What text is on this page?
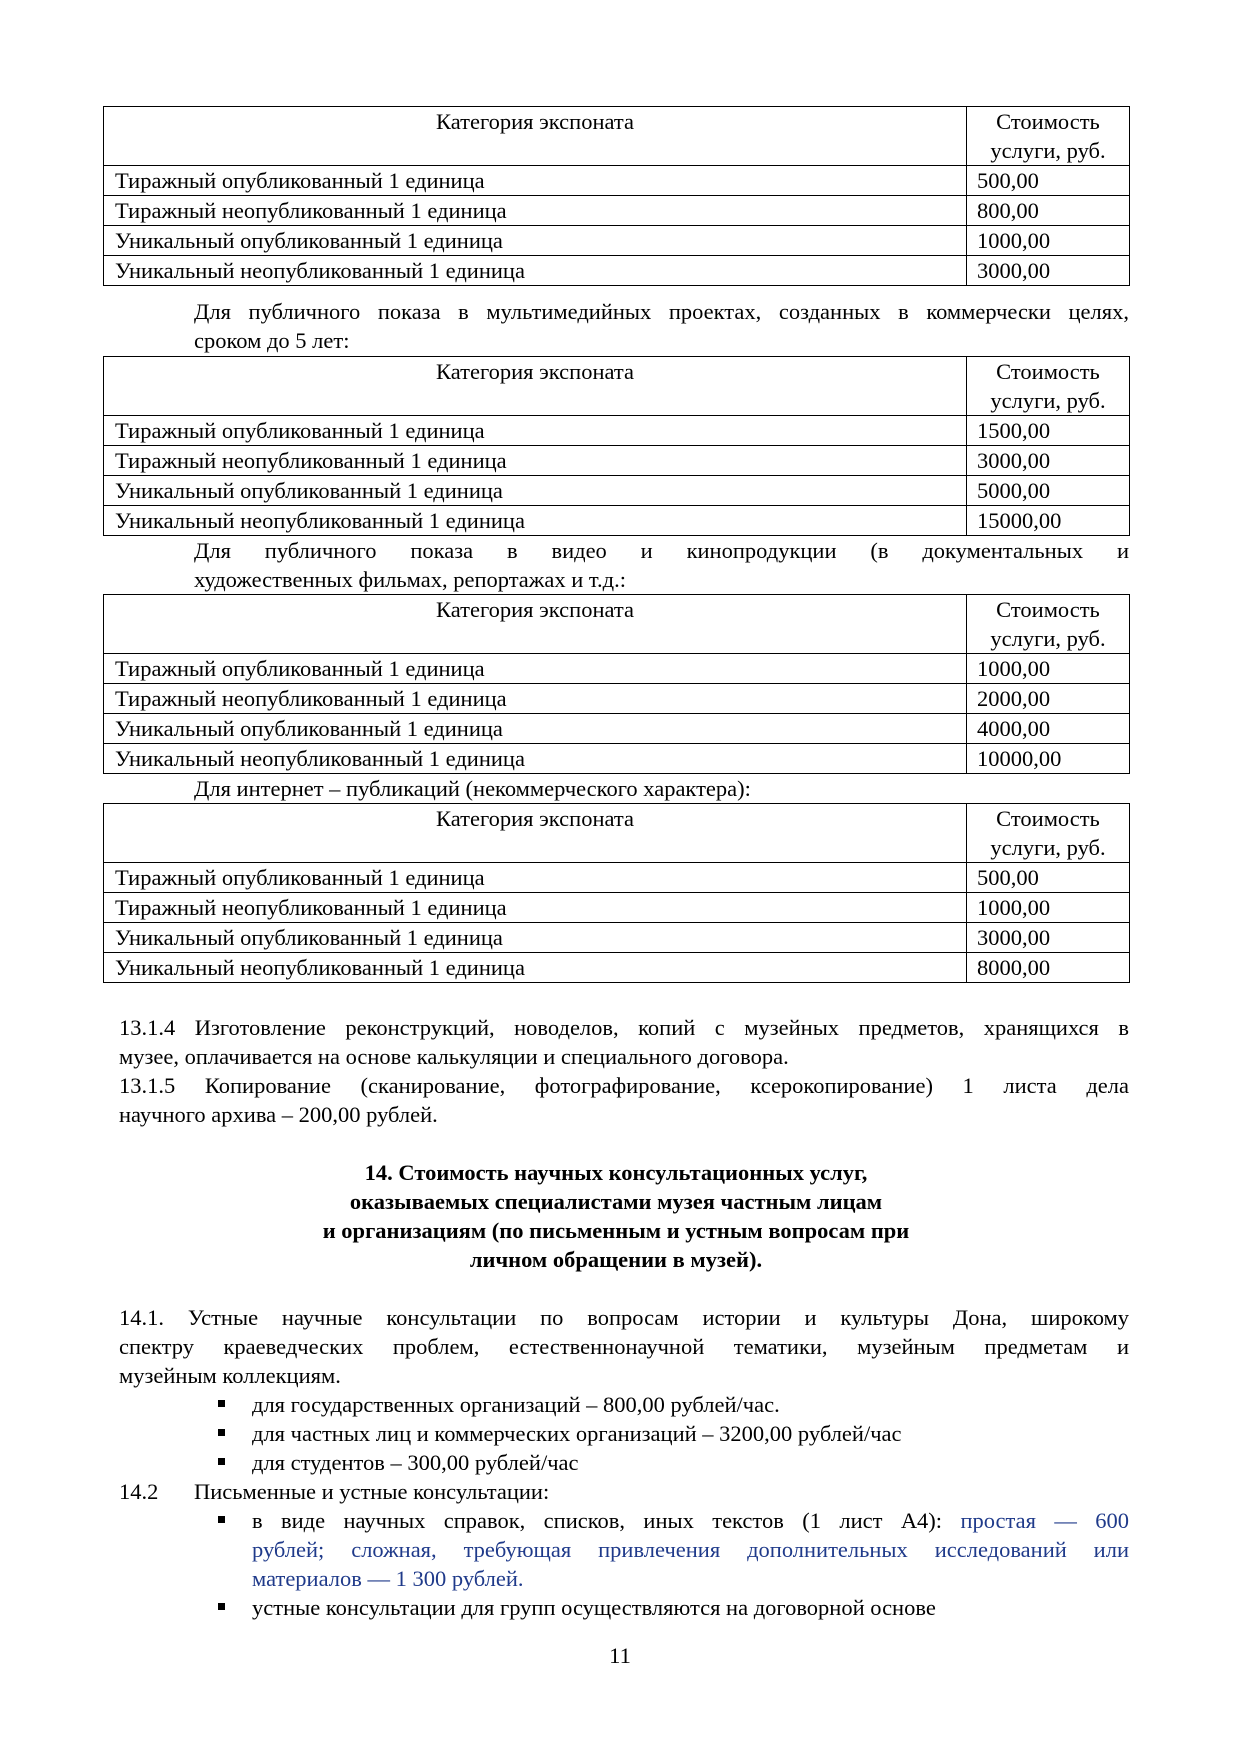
Категория экспоната	Стоимость
услуги, руб.
Тиражный опубликованный 1 единица	500,00
Тиражный неопубликованный 1 единица	800,00
Уникальный опубликованный 1 единица	1000,00
Уникальный неопубликованный 1 единица	3000,00
Для публичного показа в мультимедийных проектах, созданных в коммерчески целях,
сроком до 5 лет:
Категория экспоната	Стоимость
услуги, руб.
Тиражный опубликованный 1 единица	1500,00
Тиражный неопубликованный 1 единица	3000,00
Уникальный опубликованный 1 единица	5000,00
Уникальный неопубликованный 1 единица	15000,00
Для публичного показа в видео и кинопродукции (в документальных и
художественных фильмах, репортажах и т.д.:
Категория экспоната	Стоимость
услуги, руб.
Тиражный опубликованный 1 единица	1000,00
Тиражный неопубликованный 1 единица	2000,00
Уникальный опубликованный 1 единица	4000,00
Уникальный неопубликованный 1 единица	10000,00
Для интернет – публикаций (некоммерческого характера):
Категория экспоната	Стоимость
услуги, руб.
Тиражный опубликованный 1 единица	500,00
Тиражный неопубликованный 1 единица	1000,00
Уникальный опубликованный 1 единица	3000,00
Уникальный неопубликованный 1 единица	8000,00
13.1.4 Изготовление реконструкций, новоделов, копий с музейных предметов, хранящихся в
музее, оплачивается на основе калькуляции и специального договора.
13.1.5 Копирование (сканирование, фотографирование, ксерокопирование) 1 листа дела
научного архива – 200,00 рублей.
14. Стоимость научных консультационных услуг,
оказываемых специалистами музея частным лицам
и организациям (по письменным и устным вопросам при
личном обращении в музей).
14.1. Устные научные консультации по вопросам истории и культуры Дона, широкому
спектру краеведческих проблем, естественнонаучной тематики, музейным предметам и
музейным коллекциям.
для государственных организаций – 800,00 рублей/час.
для частных лиц и коммерческих организаций – 3200,00 рублей/час
для студентов – 300,00 рублей/час
14.2 Письменные и устные консультации:
в виде научных справок, списков, иных текстов (1 лист А4): простая — 600
рублей; сложная, требующая привлечения дополнительных исследований или
материалов — 1 300 рублей.
устные консультации для групп осуществляются на договорной основе
11
